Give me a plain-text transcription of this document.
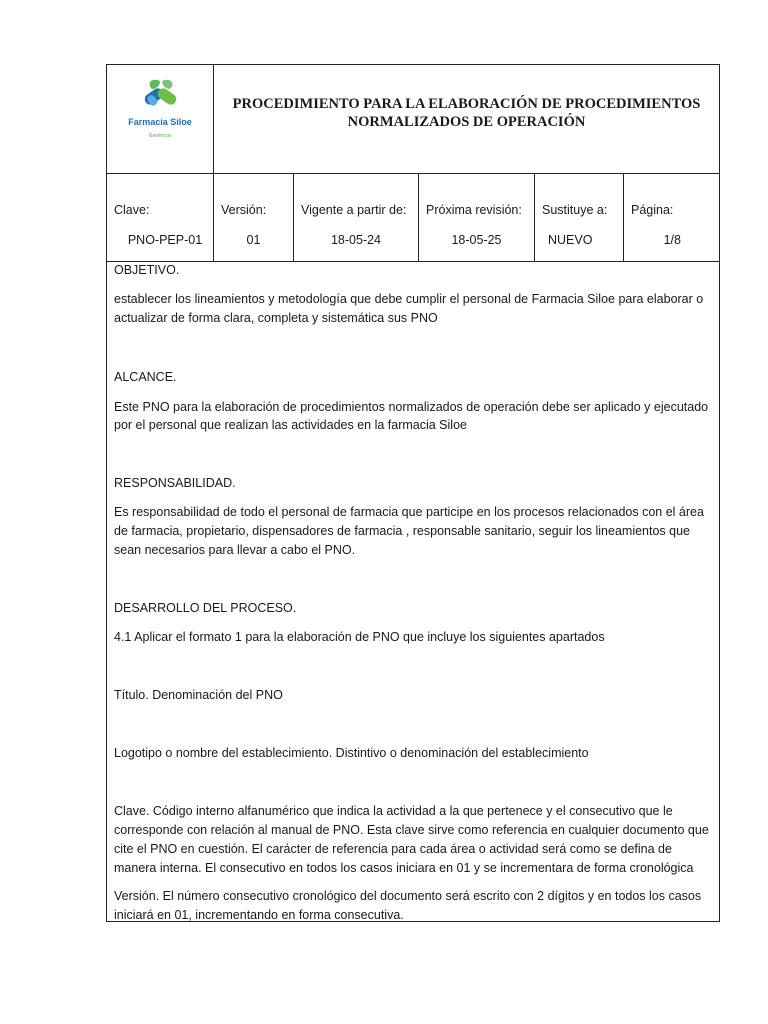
Farmacia Siloe
Genéricos
PROCEDIMIENTO PARA LA ELABORACIÓN DE PROCEDIMIENTOS
NORMALIZADOS DE OPERACIÓN
Clave:
PNO-PEP-01
Versión:
01
Vigente a partir de:
18-05-24
Próxima revisión:
18-05-25
Sustituye a:
NUEVO
Página:
1/8
OBJETIVO.
establecer los lineamientos y metodología que debe cumplir el personal de Farmacia Siloe para elaborar o
actualizar de forma clara, completa y sistemática sus PNO
ALCANCE.
Este PNO para la elaboración de procedimientos normalizados de operación debe ser aplicado y ejecutado
por el personal que realizan las actividades en la farmacia Siloe
RESPONSABILIDAD.
Es responsabilidad de todo el personal de farmacia que participe en los procesos relacionados con el área
de farmacia, propietario, dispensadores de farmacia , responsable sanitario, seguir los lineamientos que
sean necesarios para llevar a cabo el PNO.
DESARROLLO DEL PROCESO.
4.1 Aplicar el formato 1 para la elaboración de PNO que incluye los siguientes apartados
Título. Denominación del PNO
Logotipo o nombre del establecimiento. Distintivo o denominación del establecimiento
Clave. Código interno alfanumérico que indica la actividad a la que pertenece y el consecutivo que le
corresponde con relación al manual de PNO. Esta clave sirve como referencia en cualquier documento que
cite el PNO en cuestión. El carácter de referencia para cada área o actividad será como se defina de
manera interna. El consecutivo en todos los casos iniciara en 01 y se incrementara de forma cronológica
Versión. El número consecutivo cronológico del documento será escrito con 2 dígitos y en todos los casos
iniciará en 01, incrementando en forma consecutiva.
